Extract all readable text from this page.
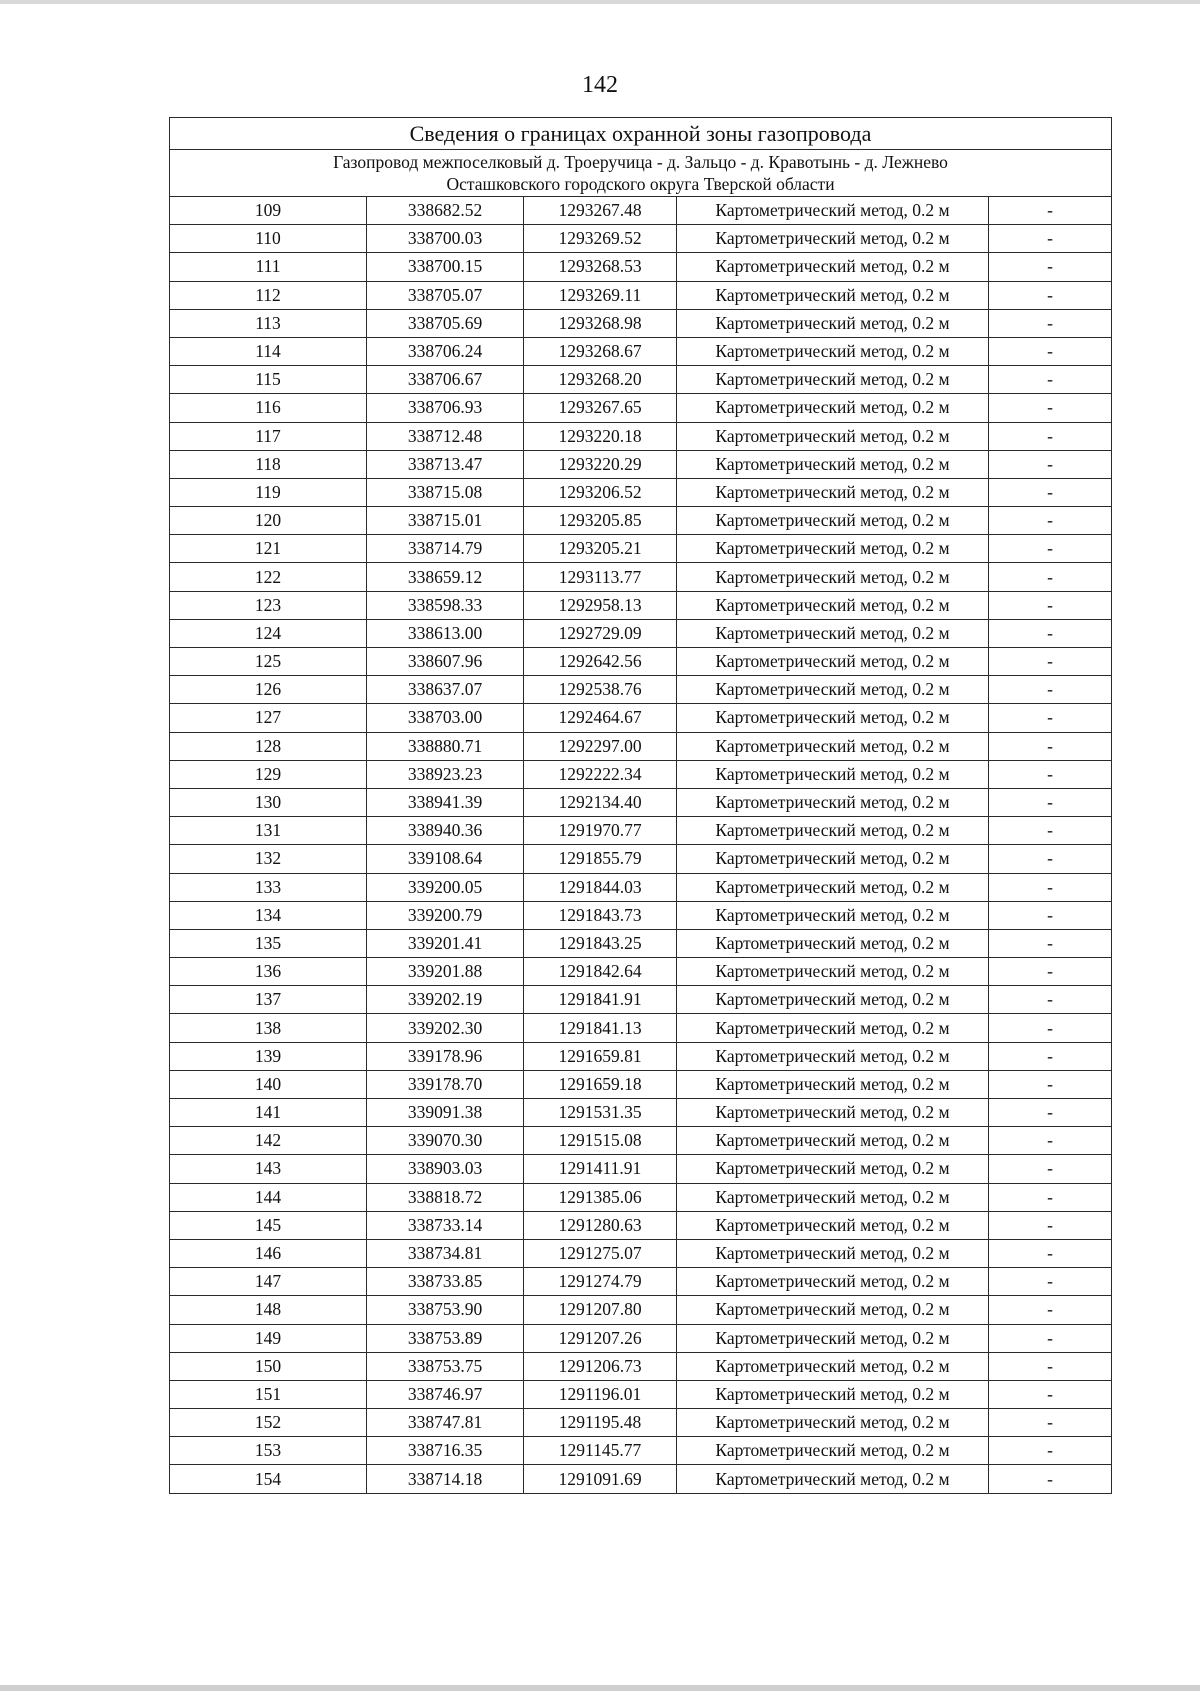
142
Сведения о границах охранной зоны газопровода				

Газопровод межпоселковый д. Троеручица - д. Зальцо - д. Кравотынь - д. Лежнево
Осташковского городского округа Тверской области				

109	338682.52	1293267.48	Картометрический метод, 0.2 м	-
110	338700.03	1293269.52	Картометрический метод, 0.2 м	-
111	338700.15	1293268.53	Картометрический метод, 0.2 м	-
112	338705.07	1293269.11	Картометрический метод, 0.2 м	-
113	338705.69	1293268.98	Картометрический метод, 0.2 м	-
114	338706.24	1293268.67	Картометрический метод, 0.2 м	-
115	338706.67	1293268.20	Картометрический метод, 0.2 м	-
116	338706.93	1293267.65	Картометрический метод, 0.2 м	-
117	338712.48	1293220.18	Картометрический метод, 0.2 м	-
118	338713.47	1293220.29	Картометрический метод, 0.2 м	-
119	338715.08	1293206.52	Картометрический метод, 0.2 м	-
120	338715.01	1293205.85	Картометрический метод, 0.2 м	-
121	338714.79	1293205.21	Картометрический метод, 0.2 м	-
122	338659.12	1293113.77	Картометрический метод, 0.2 м	-
123	338598.33	1292958.13	Картометрический метод, 0.2 м	-
124	338613.00	1292729.09	Картометрический метод, 0.2 м	-
125	338607.96	1292642.56	Картометрический метод, 0.2 м	-
126	338637.07	1292538.76	Картометрический метод, 0.2 м	-
127	338703.00	1292464.67	Картометрический метод, 0.2 м	-
128	338880.71	1292297.00	Картометрический метод, 0.2 м	-
129	338923.23	1292222.34	Картометрический метод, 0.2 м	-
130	338941.39	1292134.40	Картометрический метод, 0.2 м	-
131	338940.36	1291970.77	Картометрический метод, 0.2 м	-
132	339108.64	1291855.79	Картометрический метод, 0.2 м	-
133	339200.05	1291844.03	Картометрический метод, 0.2 м	-
134	339200.79	1291843.73	Картометрический метод, 0.2 м	-
135	339201.41	1291843.25	Картометрический метод, 0.2 м	-
136	339201.88	1291842.64	Картометрический метод, 0.2 м	-
137	339202.19	1291841.91	Картометрический метод, 0.2 м	-
138	339202.30	1291841.13	Картометрический метод, 0.2 м	-
139	339178.96	1291659.81	Картометрический метод, 0.2 м	-
140	339178.70	1291659.18	Картометрический метод, 0.2 м	-
141	339091.38	1291531.35	Картометрический метод, 0.2 м	-
142	339070.30	1291515.08	Картометрический метод, 0.2 м	-
143	338903.03	1291411.91	Картометрический метод, 0.2 м	-
144	338818.72	1291385.06	Картометрический метод, 0.2 м	-
145	338733.14	1291280.63	Картометрический метод, 0.2 м	-
146	338734.81	1291275.07	Картометрический метод, 0.2 м	-
147	338733.85	1291274.79	Картометрический метод, 0.2 м	-
148	338753.90	1291207.80	Картометрический метод, 0.2 м	-
149	338753.89	1291207.26	Картометрический метод, 0.2 м	-
150	338753.75	1291206.73	Картометрический метод, 0.2 м	-
151	338746.97	1291196.01	Картометрический метод, 0.2 м	-
152	338747.81	1291195.48	Картометрический метод, 0.2 м	-
153	338716.35	1291145.77	Картометрический метод, 0.2 м	-
154	338714.18	1291091.69	Картометрический метод, 0.2 м	-
